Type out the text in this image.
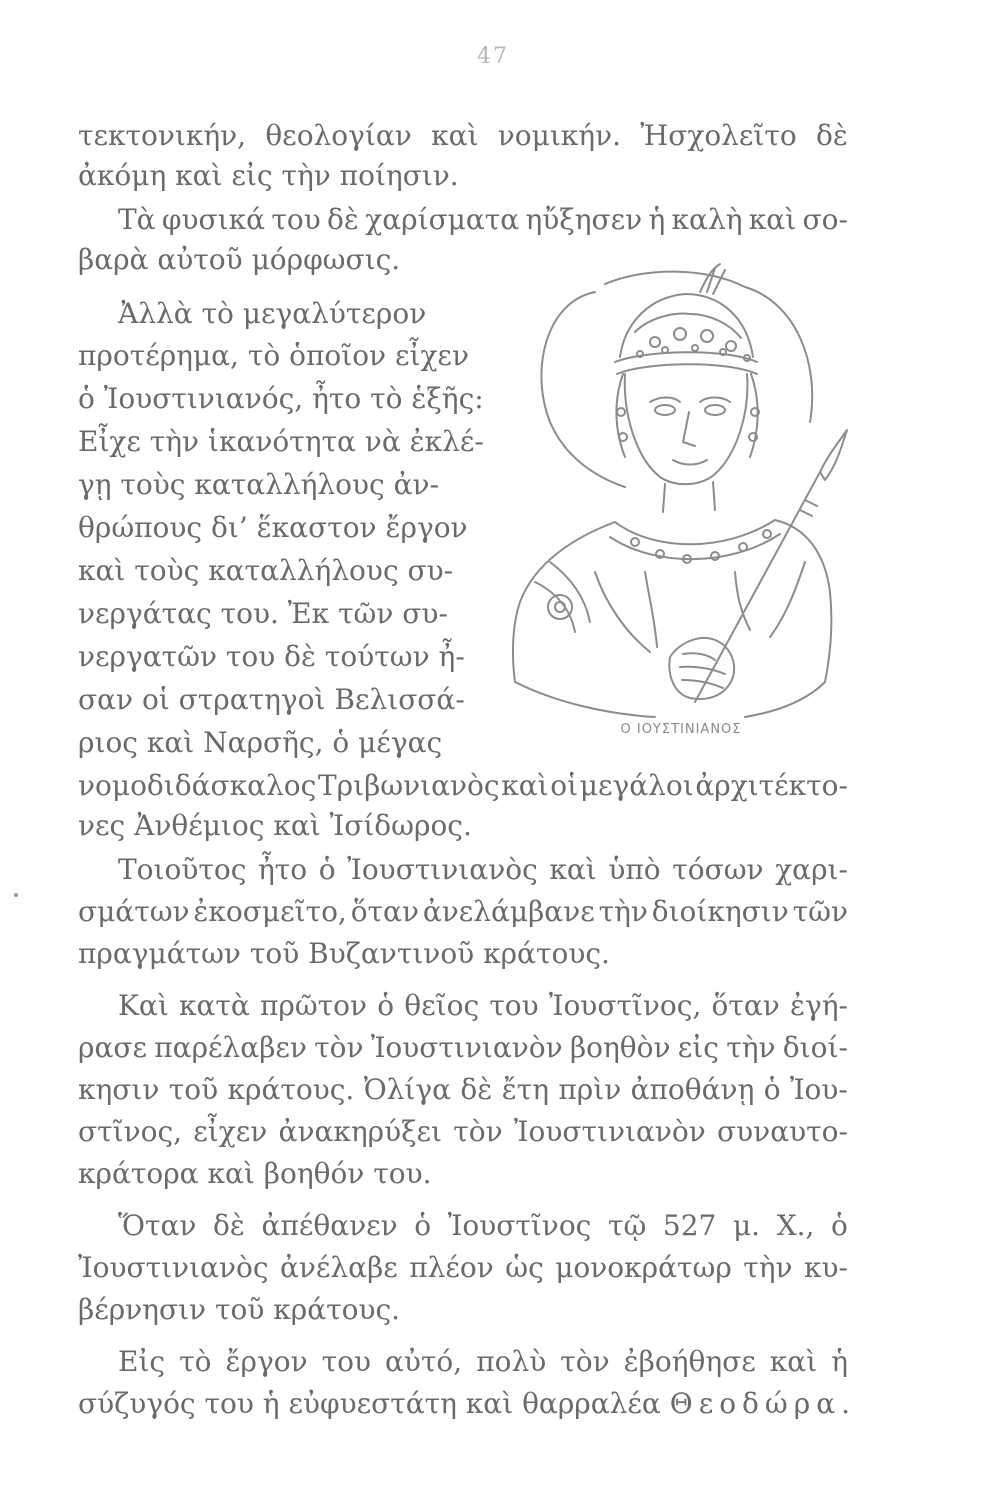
47
τεκτονικήν, θεολογίαν καὶ νομικήν. Ἠσχολεῖτο δὲ
ἀκόμη καὶ εἰς τὴν ποίησιν.
Τὰ φυσικά του δὲ χαρίσματα ηὔξησεν ἡ καλὴ καὶ σο-
βαρὰ αὐτοῦ μόρφωσις.
Ἀλλὰ τὸ μεγαλύτερον
προτέρημα, τὸ ὁποῖον εἶχεν
ὁ Ἰουστινιανός, ἦτο τὸ ἑξῆς:
Εἶχε τὴν ἱκανότητα νὰ ἐκλέ-
γῃ τοὺς καταλλήλους ἀν-
θρώπους δι’ ἕκαστον ἔργον
καὶ τοὺς καταλλήλους συ-
νεργάτας του. Ἐκ τῶν συ-
νεργατῶν του δὲ τούτων ἦ-
σαν οἱ στρατηγοὶ Βελισσά-
ριος καὶ Ναρσῆς, ὁ μέγας
νομοδιδάσκαλος Τριβωνιανὸς καὶ οἱ μεγάλοι ἀρχιτέκτο-
νες Ἀνθέμιος καὶ Ἰσίδωρος.
Τοιοῦτος ἦτο ὁ Ἰουστινιανὸς καὶ ὑπὸ τόσων χαρι-
σμάτων ἐκοσμεῖτο, ὅταν ἀνελάμβανε τὴν διοίκησιν τῶν
πραγμάτων τοῦ Βυζαντινοῦ κράτους.
Καὶ κατὰ πρῶτον ὁ θεῖος του Ἰουστῖνος, ὅταν ἐγή-
ρασε παρέλαβεν τὸν Ἰουστινιανὸν βοηθὸν εἰς τὴν διοί-
κησιν τοῦ κράτους. Ὀλίγα δὲ ἔτη πρὶν ἀποθάνῃ ὁ Ἰου-
στῖνος, εἶχεν ἀνακηρύξει τὸν Ἰουστινιανὸν συναυτο-
κράτορα καὶ βοηθόν του.
Ὅταν δὲ ἀπέθανεν ὁ Ἰουστῖνος τῷ 527 μ. Χ., ὁ
Ἰουστινιανὸς ἀνέλαβε πλέον ὡς μονοκράτωρ τὴν κυ-
βέρνησιν τοῦ κράτους.
Εἰς τὸ ἔργον του αὐτό, πολὺ τὸν ἐβοήθησε καὶ ἡ
σύζυγός του ἡ εὐφυεστάτη καὶ θαρραλέα Θεοδώρα.
Ο ΙΟΥΣΤΙΝΙΑΝΟΣ
